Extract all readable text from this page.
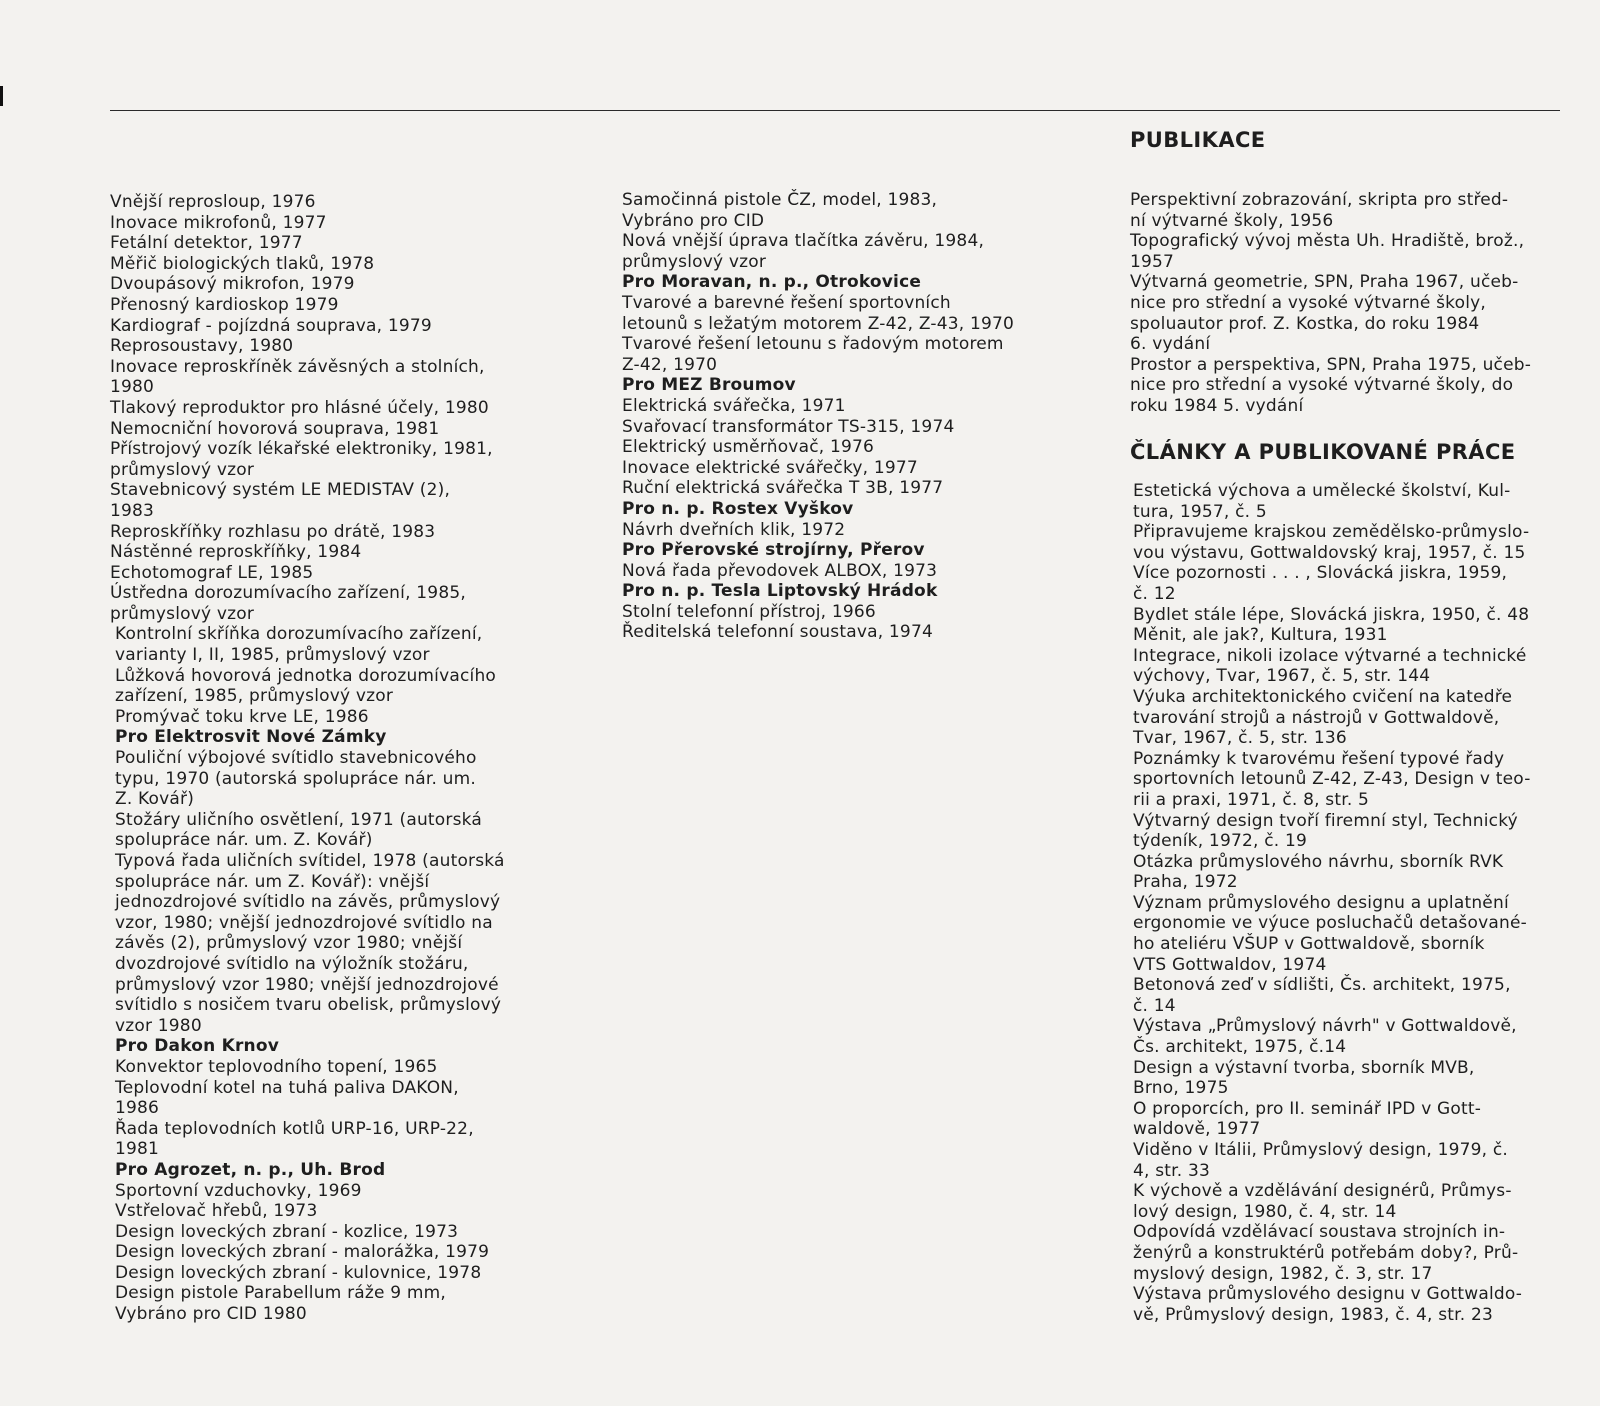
Vnější reprosloup, 1976
Inovace mikrofonů, 1977
Fetální detektor, 1977
Měřič biologických tlaků, 1978
Dvoupásový mikrofon, 1979
Přenosný kardioskop 1979
Kardiograf - pojízdná souprava, 1979
Reprosoustavy, 1980
Inovace reproskříněk závěsných a stolních,
1980
Tlakový reproduktor pro hlásné účely, 1980
Nemocniční hovorová souprava, 1981
Přístrojový vozík lékařské elektroniky, 1981,
průmyslový vzor
Stavebnicový systém LE MEDISTAV (2),
1983
Reproskříňky rozhlasu po drátě, 1983
Nástěnné reproskříňky, 1984
Echotomograf LE, 1985
Ústředna dorozumívacího zařízení, 1985,
průmyslový vzor
Kontrolní skříňka dorozumívacího zařízení,
varianty I, II, 1985, průmyslový vzor
Lůžková hovorová jednotka dorozumívacího
zařízení, 1985, průmyslový vzor
Promývač toku krve LE, 1986
Pro Elektrosvit Nové Zámky
Pouliční výbojové svítidlo stavebnicového
typu, 1970 (autorská spolupráce nár. um.
Z. Kovář)
Stožáry uličního osvětlení, 1971 (autorská
spolupráce nár. um. Z. Kovář)
Typová řada uličních svítidel, 1978 (autorská
spolupráce nár. um Z. Kovář): vnější
jednozdrojové svítidlo na závěs, průmyslový
vzor, 1980; vnější jednozdrojové svítidlo na
závěs (2), průmyslový vzor 1980; vnější
dvozdrojové svítidlo na výložník stožáru,
průmyslový vzor 1980; vnější jednozdrojové
svítidlo s nosičem tvaru obelisk, průmyslový
vzor 1980
Pro Dakon Krnov
Konvektor teplovodního topení, 1965
Teplovodní kotel na tuhá paliva DAKON,
1986
Řada teplovodních kotlů URP-16, URP-22,
1981
Pro Agrozet, n. p., Uh. Brod
Sportovní vzduchovky, 1969
Vstřelovač hřebů, 1973
Design loveckých zbraní - kozlice, 1973
Design loveckých zbraní - malorážka, 1979
Design loveckých zbraní - kulovnice, 1978
Design pistole Parabellum ráže 9 mm,
Vybráno pro CID 1980
Samočinná pistole ČZ, model, 1983,
Vybráno pro CID
Nová vnější úprava tlačítka závěru, 1984,
průmyslový vzor
Pro Moravan, n. p., Otrokovice
Tvarové a barevné řešení sportovních
letounů s ležatým motorem Z-42, Z-43, 1970
Tvarové řešení letounu s řadovým motorem
Z-42, 1970
Pro MEZ Broumov
Elektrická svářečka, 1971
Svařovací transformátor TS-315, 1974
Elektrický usměrňovač, 1976
Inovace elektrické svářečky, 1977
Ruční elektrická svářečka T 3B, 1977
Pro n. p. Rostex Vyškov
Návrh dveřních klik, 1972
Pro Přerovské strojírny, Přerov
Nová řada převodovek ALBOX, 1973
Pro n. p. Tesla Liptovský Hrádok
Stolní telefonní přístroj, 1966
Ředitelská telefonní soustava, 1974
PUBLIKACE
Perspektivní zobrazování, skripta pro střed-
ní výtvarné školy, 1956
Topografický vývoj města Uh. Hradiště, brož.,
1957
Výtvarná geometrie, SPN, Praha 1967, učeb-
nice pro střední a vysoké výtvarné školy,
spoluautor prof. Z. Kostka, do roku 1984
6. vydání
Prostor a perspektiva, SPN, Praha 1975, učeb-
nice pro střední a vysoké výtvarné školy, do
roku 1984 5. vydání
ČLÁNKY A PUBLIKOVANÉ PRÁCE
Estetická výchova a umělecké školství, Kul-
tura, 1957, č. 5
Připravujeme krajskou zemědělsko-průmyslo-
vou výstavu, Gottwaldovský kraj, 1957, č. 15
Více pozornosti . . . , Slovácká jiskra, 1959,
č. 12
Bydlet stále lépe, Slovácká jiskra, 1950, č. 48
Měnit, ale jak?, Kultura, 1931
Integrace, nikoli izolace výtvarné a technické
výchovy, Tvar, 1967, č. 5, str. 144
Výuka architektonického cvičení na katedře
tvarování strojů a nástrojů v Gottwaldově,
Tvar, 1967, č. 5, str. 136
Poznámky k tvarovému řešení typové řady
sportovních letounů Z-42, Z-43, Design v teo-
rii a praxi, 1971, č. 8, str. 5
Výtvarný design tvoří firemní styl, Technický
týdeník, 1972, č. 19
Otázka průmyslového návrhu, sborník RVK
Praha, 1972
Význam průmyslového designu a uplatnění
ergonomie ve výuce posluchačů detašované-
ho ateliéru VŠUP v Gottwaldově, sborník
VTS Gottwaldov, 1974
Betonová zeď v sídlišti, Čs. architekt, 1975,
č. 14
Výstava „Průmyslový návrh" v Gottwaldově,
Čs. architekt, 1975, č.14
Design a výstavní tvorba, sborník MVB,
Brno, 1975
O proporcích, pro II. seminář IPD v Gott-
waldově, 1977
Viděno v Itálii, Průmyslový design, 1979, č.
4, str. 33
K výchově a vzdělávání designérů, Průmys-
lový design, 1980, č. 4, str. 14
Odpovídá vzdělávací soustava strojních in-
ženýrů a konstruktérů potřebám doby?, Prů-
myslový design, 1982, č. 3, str. 17
Výstava průmyslového designu v Gottwaldo-
vě, Průmyslový design, 1983, č. 4, str. 23
